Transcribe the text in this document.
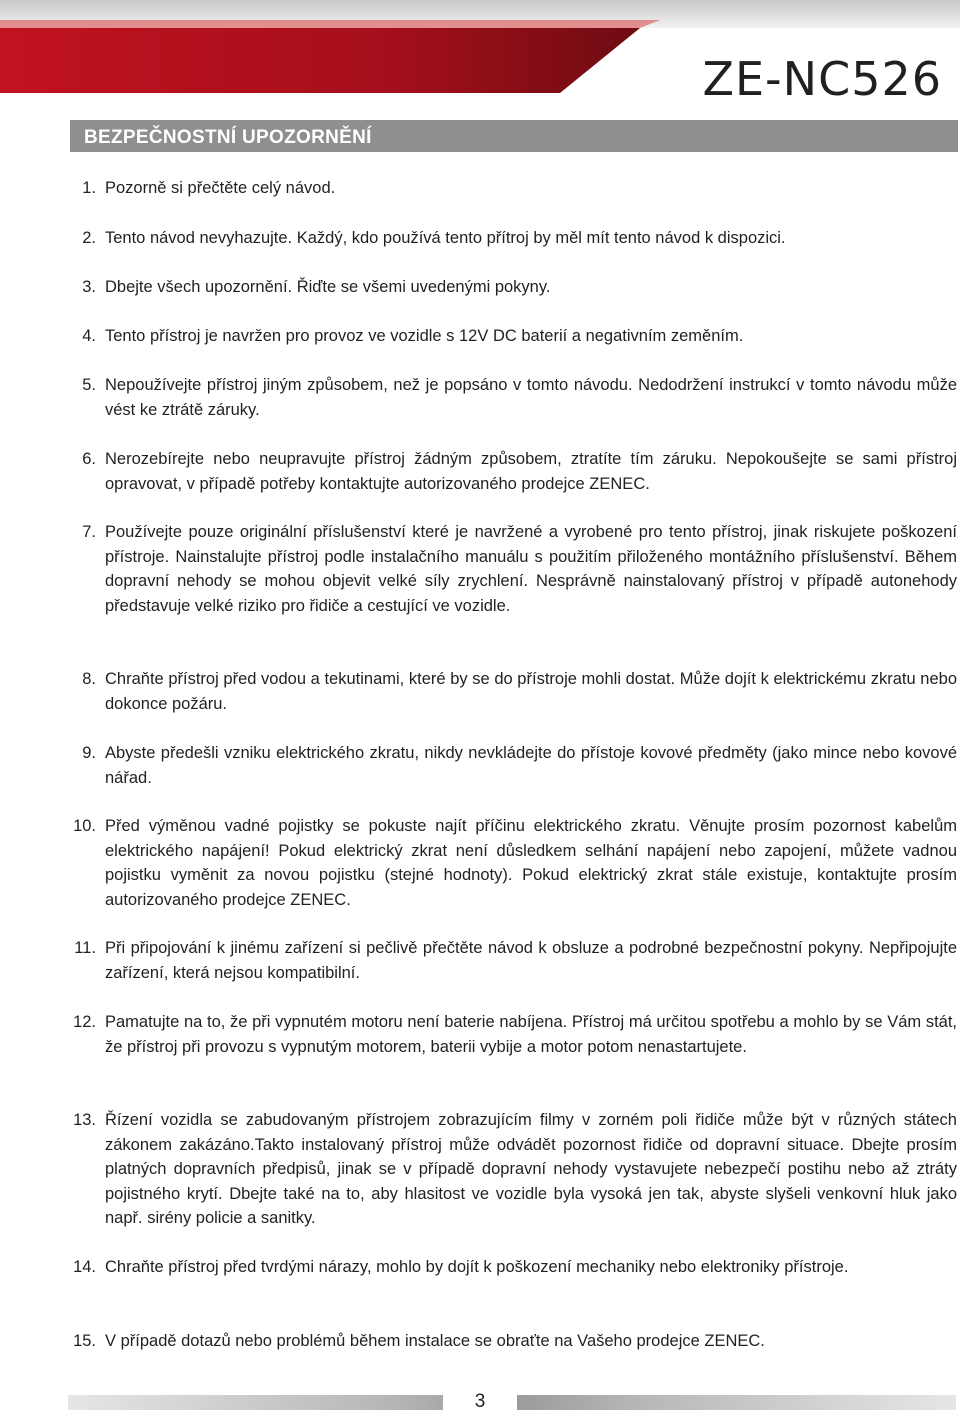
ZE-NC526
BEZPEČNOSTNÍ UPOZORNĚNÍ
1. Pozorně si přečtěte celý návod.
2. Tento návod nevyhazujte. Každý, kdo používá tento přítroj by měl mít tento návod k dispozici.
3. Dbejte všech upozornění. Řiďte se všemi uvedenými pokyny.
4. Tento přístroj je navržen pro provoz ve vozidle s 12V DC baterií a negativním zeměním.
5. Nepoužívejte přístroj jiným způsobem, než je popsáno v tomto návodu. Nedodržení instrukcí v tomto návodu může vést ke ztrátě záruky.
6. Nerozebírejte nebo neupravujte přístroj žádným způsobem, ztratíte tím záruku. Nepokoušejte se sami přístroj opravovat, v případě potřeby kontaktujte autorizovaného prodejce ZENEC.
7. Používejte pouze originální příslušenství které je navržené a vyrobené pro tento přístroj, jinak riskujete poškození přístroje. Nainstalujte přístroj podle instalačního manuálu s použitím přiloženého montážního příslušenství. Během dopravní nehody se mohou objevit velké síly zrychlení. Nesprávně nainstalovaný přístroj v případě autonehody představuje velké riziko pro řidiče a cestující ve vozidle.
8. Chraňte přístroj před vodou a tekutinami, které by se do přístroje mohli dostat. Může dojít k elektrickému zkratu nebo dokonce požáru.
9. Abyste předešli vzniku elektrického zkratu, nikdy nevkládejte do přístoje kovové předměty (jako mince nebo kovové nářad.
10. Před výměnou vadné pojistky se pokuste najít příčinu elektrického zkratu. Věnujte prosím pozornost kabelům elektrického napájení! Pokud elektrický zkrat není důsledkem selhání napájení nebo zapojení, můžete vadnou pojistku vyměnit za novou pojistku (stejné hodnoty). Pokud elektrický zkrat stále existuje, kontaktujte prosím autorizovaného prodejce ZENEC.
11. Při připojování k jinému zařízení si pečlivě přečtěte návod k obsluze a podrobné bezpečnostní pokyny. Nepřipojujte zařízení, která nejsou kompatibilní.
12. Pamatujte na to, že při vypnutém motoru není baterie nabíjena. Přístroj má určitou spotřebu a mohlo by se Vám stát, že přístroj při provozu s vypnutým motorem, baterii vybije a motor potom nenastartujete.
13. Řízení vozidla se zabudovaným přístrojem zobrazujícím filmy v zorném poli řidiče může být v různých státech zákonem zakázáno.Takto instalovaný přístroj může odvádět pozornost řidiče od dopravní situace. Dbejte prosím platných dopravních předpisů, jinak se v případě dopravní nehody vystavujete nebezpečí postihu nebo až ztráty pojistného krytí. Dbejte také na to, aby hlasitost ve vozidle byla vysoká jen tak, abyste slyšeli venkovní hluk jako např. sirény policie a sanitky.
14. Chraňte přístroj před tvrdými nárazy, mohlo by dojít k poškození mechaniky nebo elektroniky přístroje.
15. V případě dotazů nebo problémů během instalace se obraťte na Vašeho prodejce ZENEC.
3
